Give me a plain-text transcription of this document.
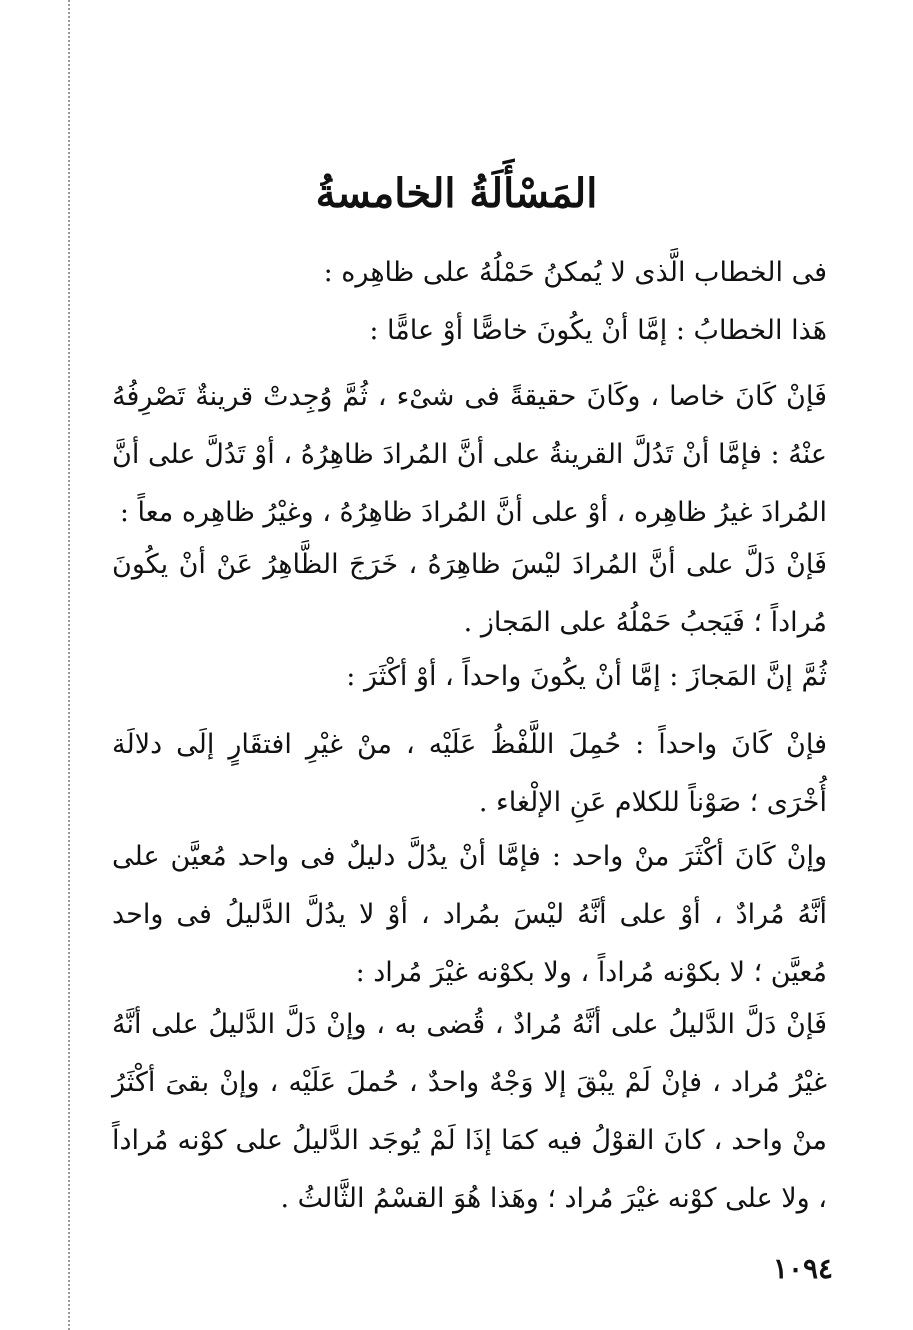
المَسْأَلَةُ الخامسةُ
فى الخطاب الَّذى لا يُمكنُ حَمْلُهُ على ظاهِره :
هَذا الخطابُ : إمَّا أنْ يكُونَ خاصًّا أوْ عامًّا :
فَإنْ كَانَ خاصا ، وكَانَ حقيقةً فى شىْء ، ثُمَّ وُجِدتْ قرينةٌ تَصْرِفُهُ عنْهُ : فإمَّا أنْ تَدُلَّ القرينةُ على أنَّ المُرادَ ظاهِرُهُ ، أوْ تَدُلَّ على أنَّ المُرادَ غيرُ ظاهِره ، أوْ على أنَّ المُرادَ ظاهِرُهُ ، وغيْرُ ظاهِره معاً :
فَإنْ دَلَّ على أنَّ المُرادَ ليْسَ ظاهِرَهُ ، خَرَجَ الظَّاهِرُ عَنْ أنْ يكُونَ مُراداً ؛ فَيَجبُ حَمْلُهُ على المَجاز .
ثُمَّ إنَّ المَجازَ : إمَّا أنْ يكُونَ واحداً ، أوْ أكْثَرَ :
فإنْ كَانَ واحداً : حُمِلَ اللَّفْظُ عَلَيْه ، منْ غيْرِ افتقَارٍ إلَى دلالَة أُخْرَى ؛ صَوْناً للكلام عَنِ الإلْغاء .
وإنْ كَانَ أكْثَرَ منْ واحد : فإمَّا أنْ يدُلَّ دليلٌ فى واحد مُعيَّن على أنَّهُ مُرادٌ ، أوْ على أنَّهُ ليْسَ بمُراد ، أوْ لا يدُلَّ الدَّليلُ فى واحد مُعيَّن ؛ لا بكوْنه مُراداً ، ولا بكوْنه غيْرَ مُراد :
فَإنْ دَلَّ الدَّليلُ على أنَّهُ مُرادٌ ، قُضى به ، وإنْ دَلَّ الدَّليلُ على أنَّهُ غيْرُ مُراد ، فإنْ لَمْ يبْقَ إلا وَجْهٌ واحدٌ ، حُملَ عَلَيْه ، وإنْ بقىَ أكْثَرُ منْ واحد ، كانَ القوْلُ فيه كمَا إذَا لَمْ يُوجَد الدَّليلُ على كوْنه مُراداً ، ولا على كوْنه غيْرَ مُراد ؛ وهَذا هُوَ القسْمُ الثَّالثُ .
١٠٩٤
